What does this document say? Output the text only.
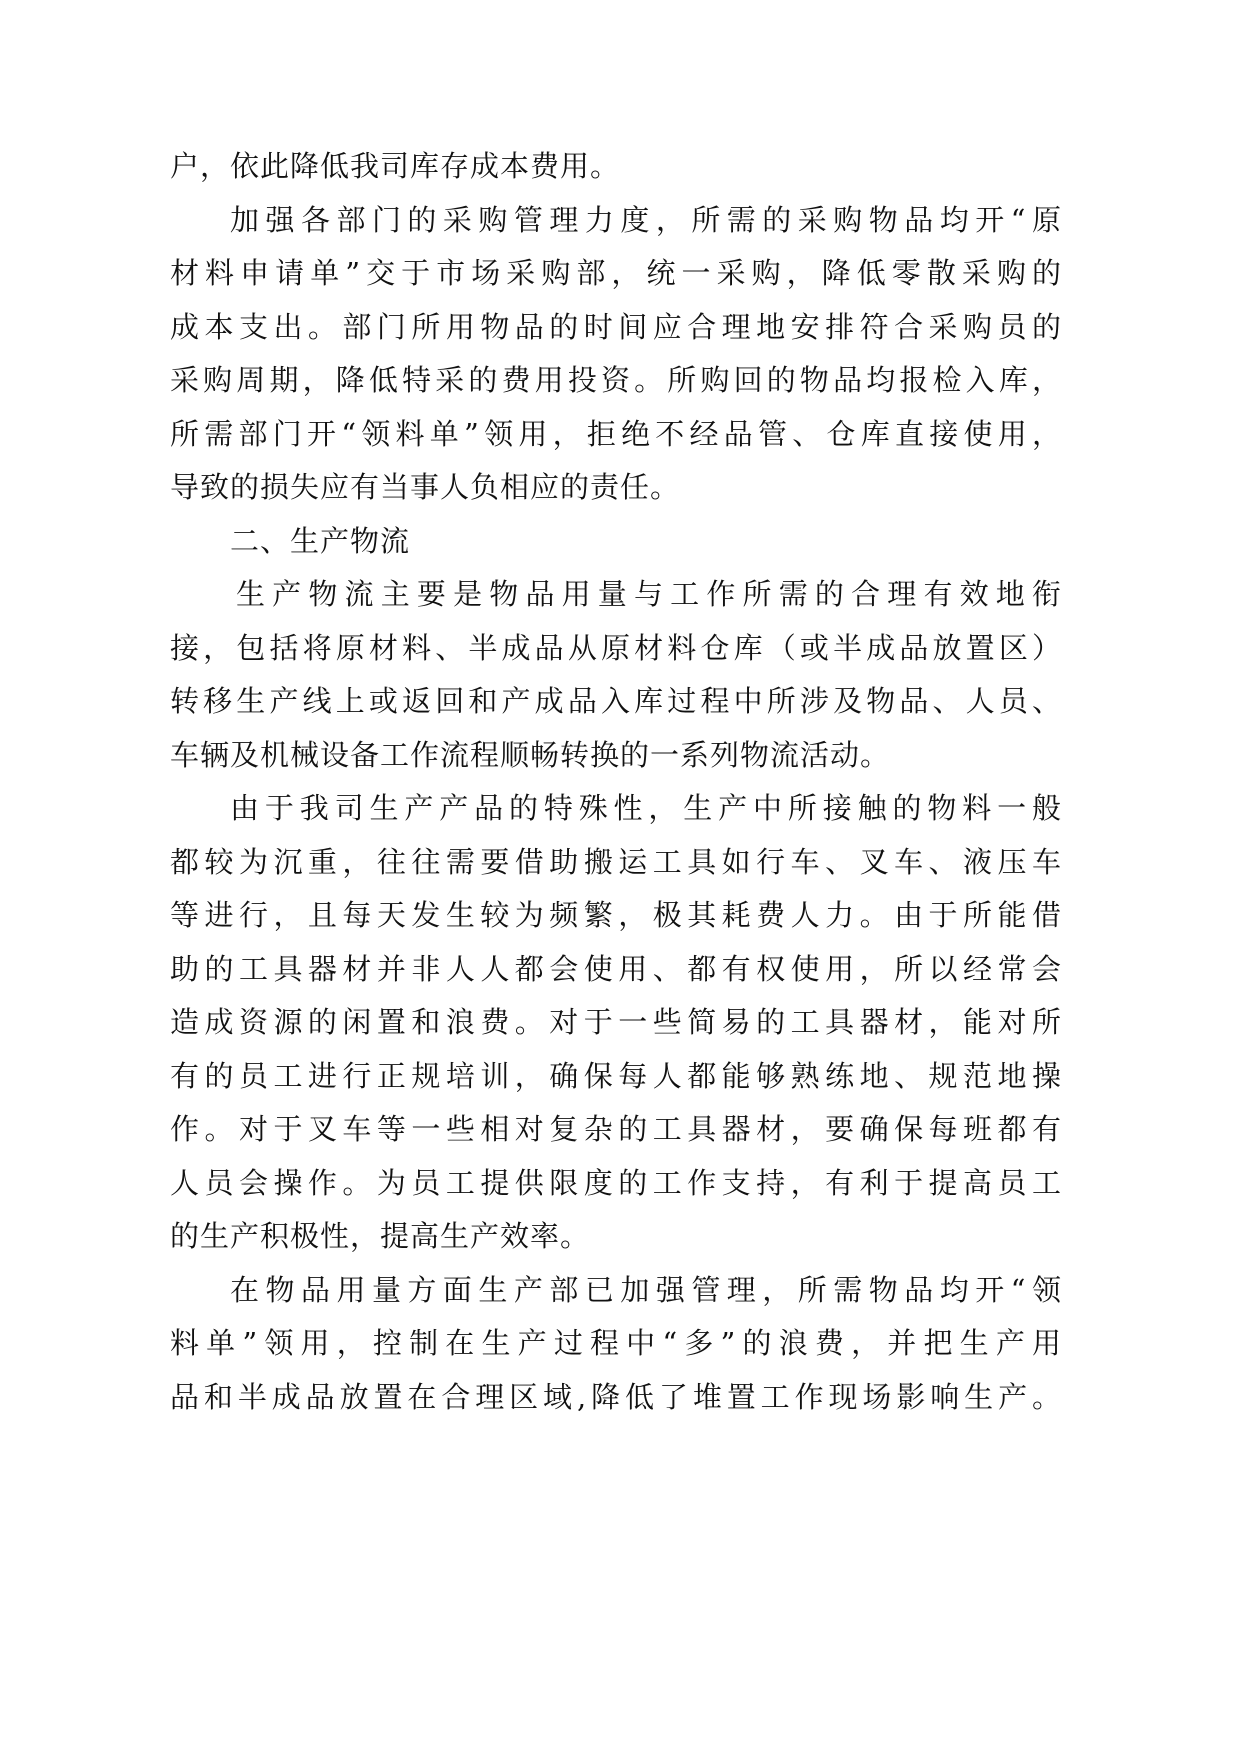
户，依此降低我司库存成本费用。
加强各部门的采购管理力度，所需的采购物品均开“原
材料申请单”交于市场采购部，统一采购，降低零散采购的
成本支出。部门所用物品的时间应合理地安排符合采购员的
采购周期，降低特采的费用投资。所购回的物品均报检入库，
所需部门开“领料单”领用，拒绝不经品管、仓库直接使用，
导致的损失应有当事人负相应的责任。
二、生产物流
生产物流主要是物品用量与工作所需的合理有效地衔
接，包括将原材料、半成品从原材料仓库（或半成品放置区）
转移生产线上或返回和产成品入库过程中所涉及物品、人员、
车辆及机械设备工作流程顺畅转换的一系列物流活动。
由于我司生产产品的特殊性，生产中所接触的物料一般
都较为沉重，往往需要借助搬运工具如行车、叉车、液压车
等进行，且每天发生较为频繁，极其耗费人力。由于所能借
助的工具器材并非人人都会使用、都有权使用，所以经常会
造成资源的闲置和浪费。对于一些简易的工具器材，能对所
有的员工进行正规培训，确保每人都能够熟练地、规范地操
作。对于叉车等一些相对复杂的工具器材，要确保每班都有
人员会操作。为员工提供限度的工作支持，有利于提高员工
的生产积极性，提高生产效率。
在物品用量方面生产部已加强管理，所需物品均开“领
料单”领用，控制在生产过程中“多”的浪费，并把生产用
品和半成品放置在合理区域,降低了堆置工作现场影响生产。
